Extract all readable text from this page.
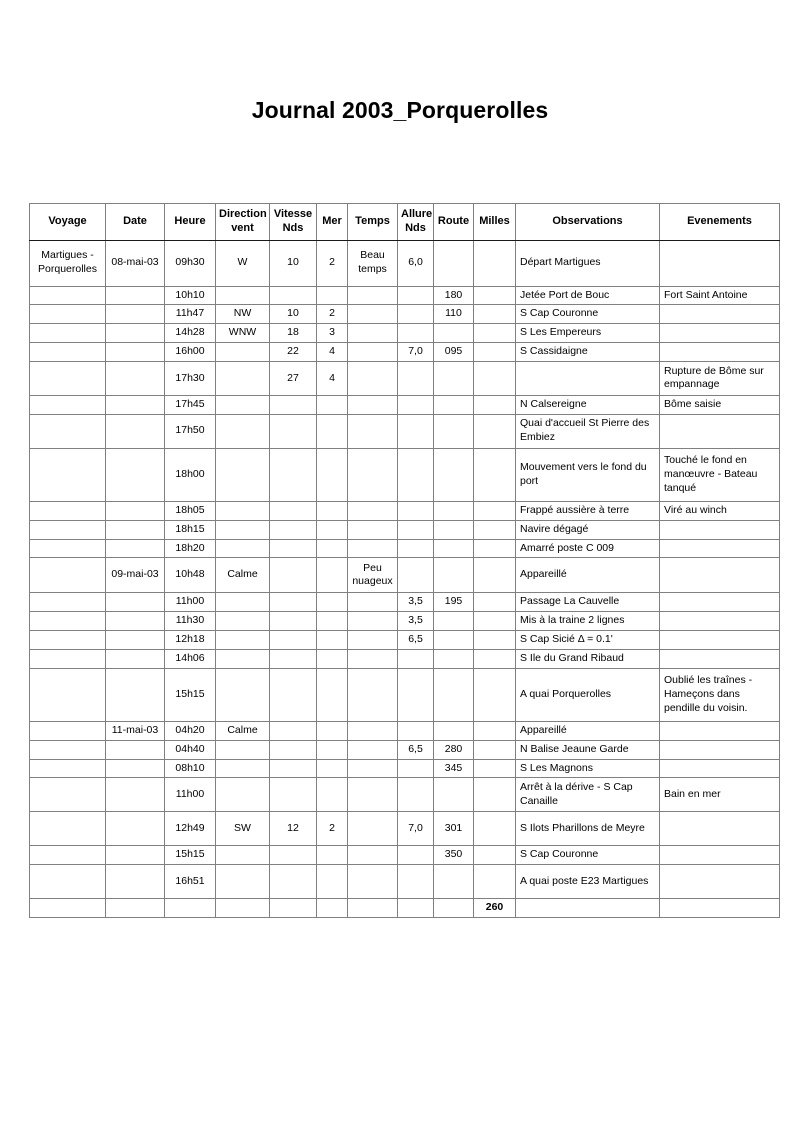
Journal 2003_Porquerolles
Voyage	Date	Heure	Direction vent	Vitesse Nds	Mer	Temps	Allure Nds	Route	Milles	Observations	Evenements
Martigues - Porquerolles	08-mai-03	09h30	W	10	2	Beau temps	6,0			Départ Martigues	
		10h10						180		Jetée Port de Bouc	Fort Saint Antoine
		11h47	NW	10	2			110		S Cap Couronne	
		14h28	WNW	18	3					S Les Empereurs	
		16h00		22	4		7,0	095		S Cassidaigne	
		17h30		27	4						Rupture de Bôme sur empannage
		17h45								N Calsereigne	Bôme saisie
		17h50								Quai d'accueil St Pierre des Embiez	
		18h00								Mouvement vers le fond du port	Touché le fond en manœuvre - Bateau tanqué
		18h05								Frappé aussière à terre	Viré au winch
		18h15								Navire dégagé	
		18h20								Amarré poste C 009	
	09-mai-03	10h48	Calme			Peu nuageux				Appareillé	
		11h00					3,5	195		Passage La Cauvelle	
		11h30					3,5			Mis à la traine 2 lignes	
		12h18					6,5			S Cap Sicié Δ = 0.1'	
		14h06								S Ile du Grand Ribaud	
		15h15								A quai Porquerolles	Oublié les traînes - Hameçons dans pendille du voisin.
	11-mai-03	04h20	Calme							Appareillé	
		04h40					6,5	280		N Balise Jeaune Garde	
		08h10						345		S Les Magnons	
		11h00								Arrêt à la dérive - S Cap Canaille	Bain en mer
		12h49	SW	12	2		7,0	301		S Ilots Pharillons de Meyre	
		15h15						350		S Cap Couronne	
		16h51								A quai poste E23 Martigues	
									260		
